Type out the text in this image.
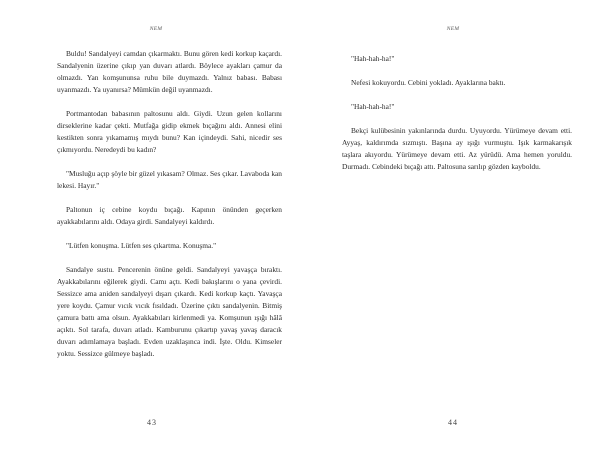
NEM

Buldu! Sandalyeyi camdan çıkarmaktı. Bunu gören kedi korkup kaçardı. Sandalyenin üzerine çıkıp yan duvarı atlardı. Böylece ayakları çamur da olmazdı. Yan komşununsa ruhu bile duymazdı. Yalnız babası. Babası uyanmazdı. Ya uyanırsa? Mümkün değil uyanmazdı.

Portmantodan babasının paltosunu aldı. Giydi. Uzun gelen kollarını dirseklerine kadar çekti. Mutfağa gidip ekmek bıçağını aldı. Annesi elini kestikten sonra yıkamamış mıydı bunu? Kan içindeydi. Sahi, nicedir ses çıkmıyordu. Neredeydi bu kadın?

"Musluğu açıp şöyle bir güzel yıkasam? Olmaz. Ses çıkar. Lavaboda kan lekesi. Hayır."

Paltonun iç cebine koydu bıçağı. Kapının önünden geçerken ayakkabılarını aldı. Odaya girdi. Sandalyeyi kaldırdı.

"Lütfen konuşma. Lütfen ses çıkartma. Konuşma."

Sandalye sustu. Pencerenin önüne geldi. Sandalyeyi yavaşça bıraktı. Ayakkabılarını eğilerek giydi. Camı açtı. Kedi bakışlarını o yana çevirdi. Sessizce ama aniden sandalyeyi dışarı çıkardı. Kedi korkup kaçtı. Yavaşça yere koydu. Çamur vıcık vıcık fısıldadı. Üzerine çıktı sandalyenin. Bitmiş çamura battı ama olsun. Ayakkabıları kirlenmedi ya. Komşunun ışığı hâlâ açıktı. Sol tarafa, duvarı atladı. Kamburunu çıkartıp yavaş yavaş daracık duvarı adımlamaya başladı. Evden uzaklaşınca indi. İşte. Oldu. Kimseler yoktu. Sessizce gülmeye başladı.

43
NEM

"Hah-hah-ha!"

Nefesi kokuyordu. Cebini yokladı. Ayaklarına baktı.

"Hah-hah-ha!"

Bekçi kulübesinin yakınlarında durdu. Uyuyordu. Yürümeye devam etti. Ayyaş, kaldırımda sızmıştı. Başına ay ışığı vurmuştu. Işık karmakarışık taşlara akıyordu. Yürümeye devam etti. Az yürüdü. Ama hemen yoruldu. Durmadı. Cebindeki bıçağı attı. Paltosuna sarılıp gözden kayboldu.

44
